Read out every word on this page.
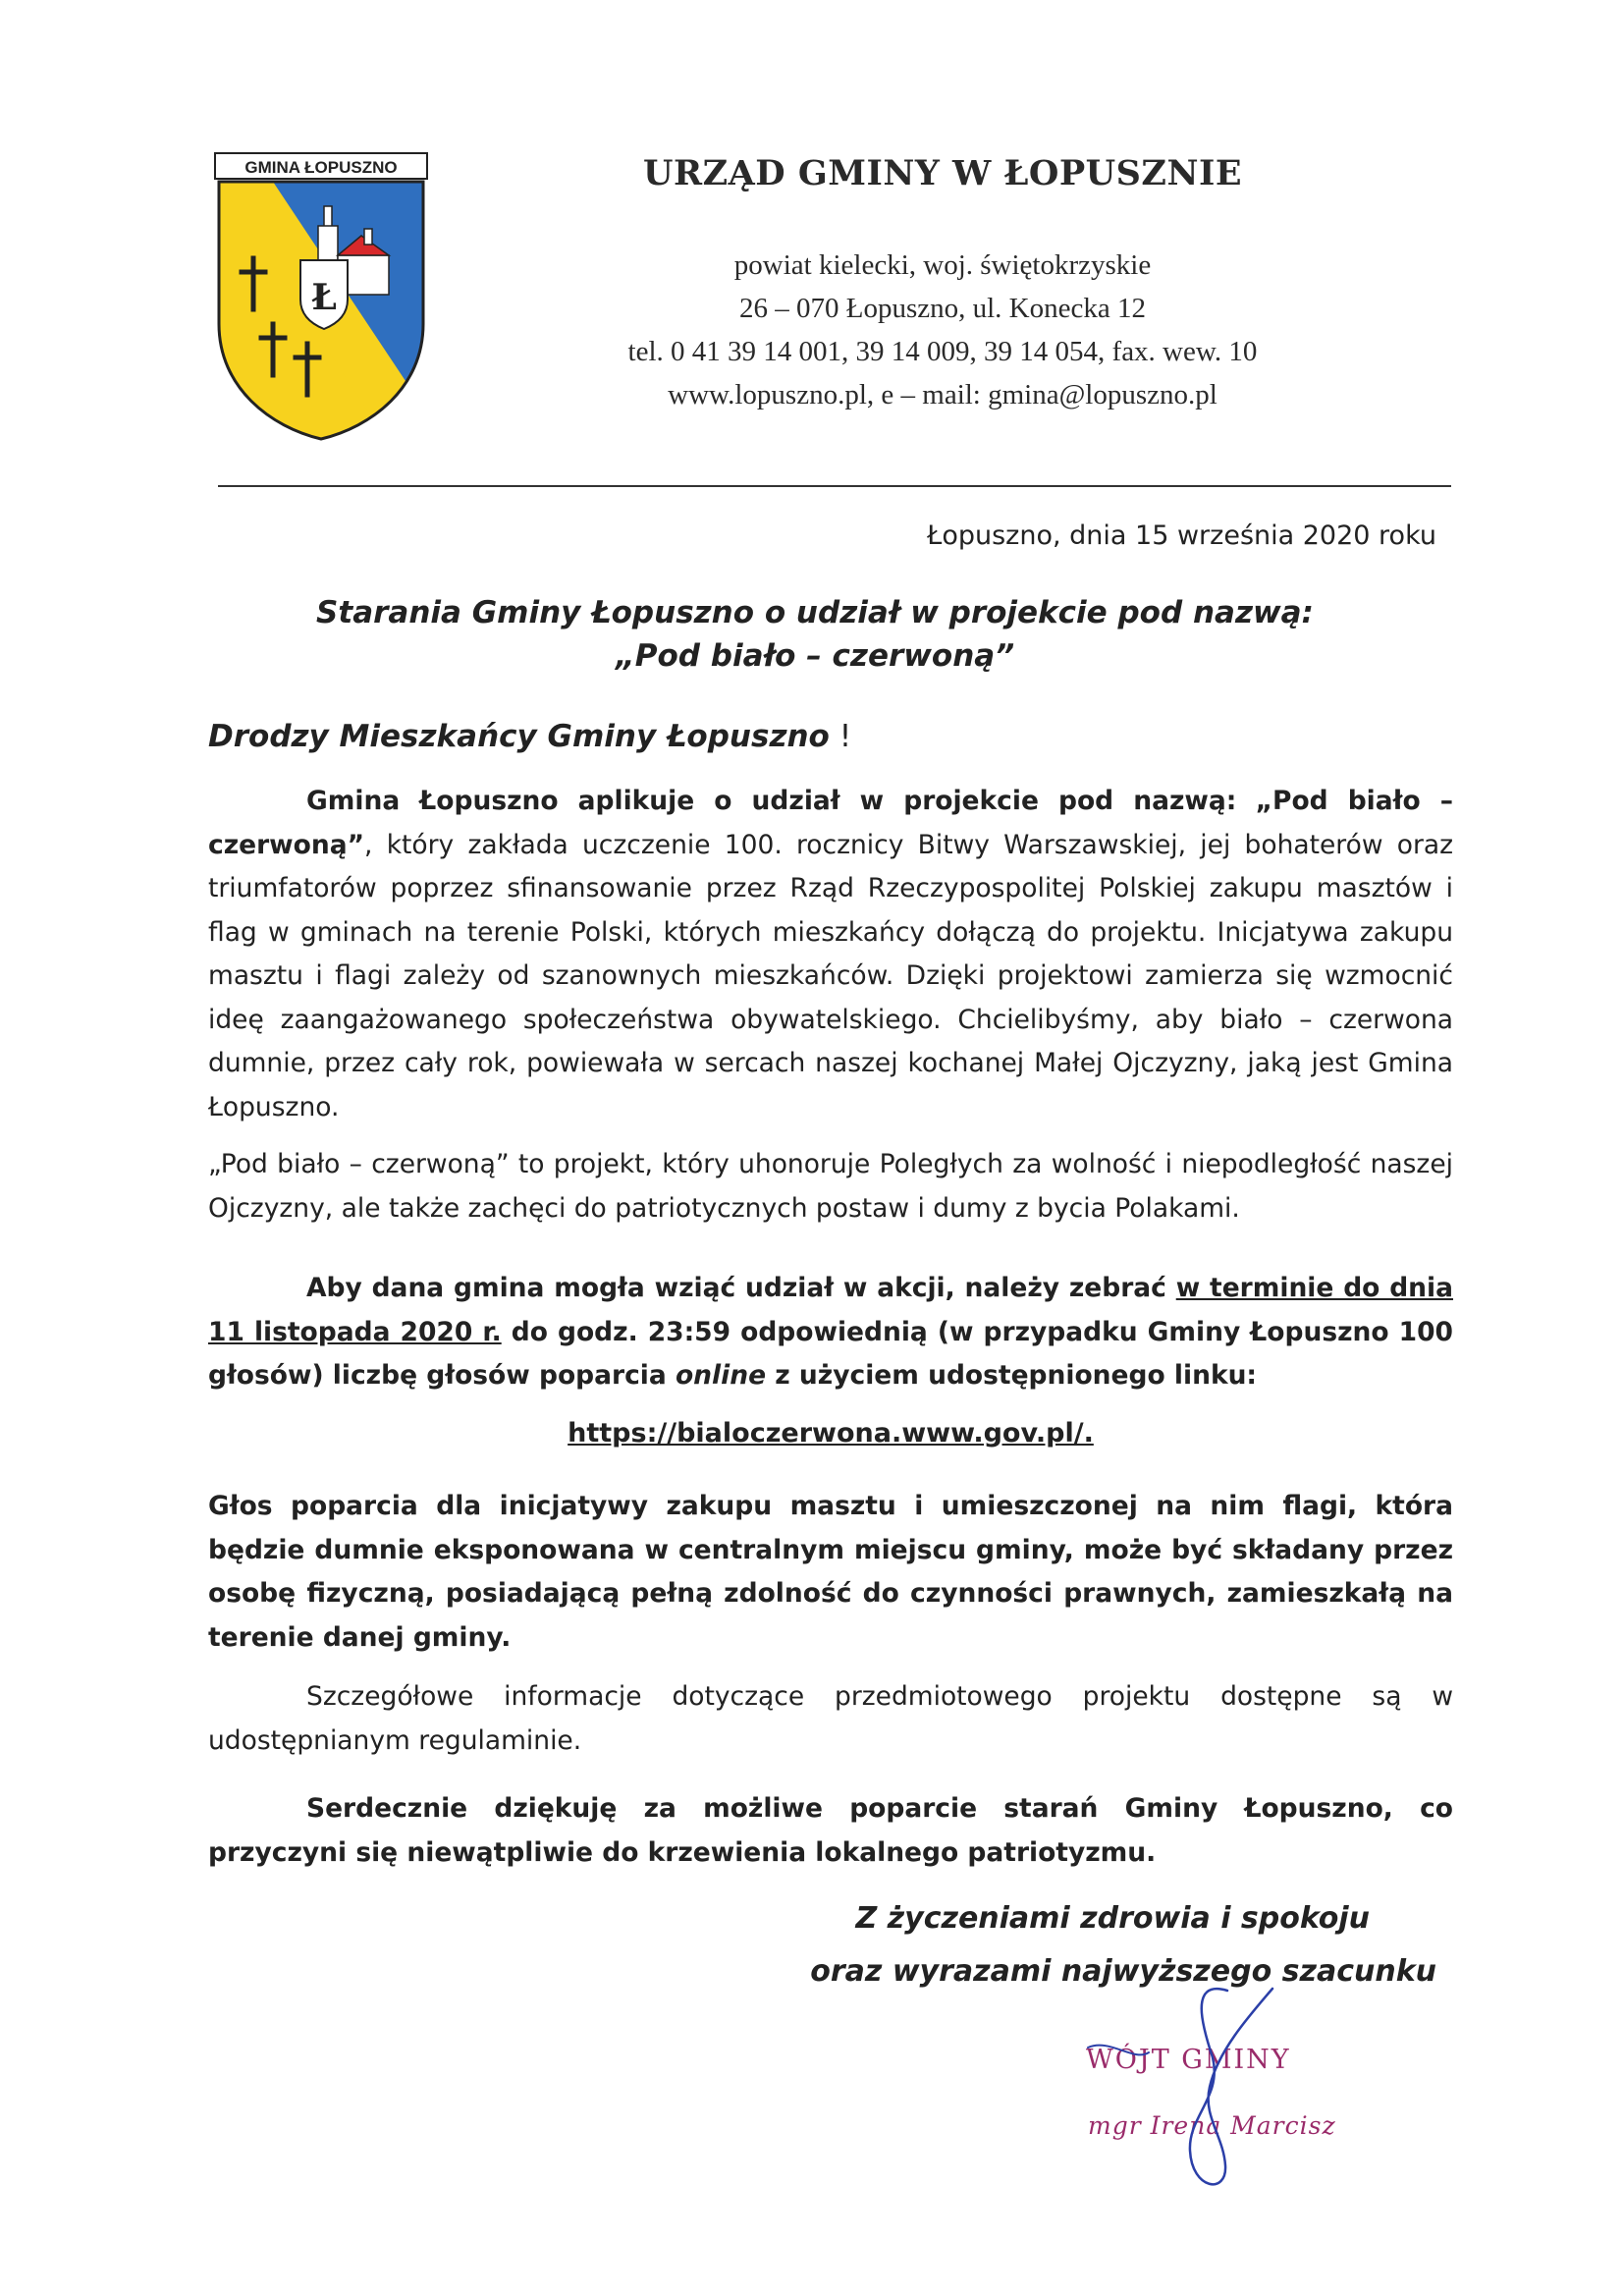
GMINA ŁOPUSZNO
Ł
URZĄD GMINY W ŁOPUSZNIE
powiat kielecki, woj. świętokrzyskie
26 – 070 Łopuszno, ul. Konecka 12
tel. 0 41 39 14 001, 39 14 009, 39 14 054, fax. wew. 10
www.lopuszno.pl, e – mail: gmina@lopuszno.pl
Łopuszno, dnia 15 września 2020 roku
Starania Gminy Łopuszno o udział w projekcie pod nazwą:
„Pod biało – czerwoną”
Drodzy Mieszkańcy Gminy Łopuszno !

Gmina Łopuszno aplikuje o udział w projekcie pod nazwą: „Pod biało – czerwoną”, który zakłada uczczenie 100. rocznicy Bitwy Warszawskiej, jej bohaterów oraz triumfatorów poprzez sfinansowanie przez Rząd Rzeczypospolitej Polskiej zakupu masztów i flag w gminach na terenie Polski, których mieszkańcy dołączą do projektu. Inicjatywa zakupu masztu i flagi zależy od szanownych mieszkańców. Dzięki projektowi zamierza się wzmocnić ideę zaangażowanego społeczeństwa obywatelskiego. Chcielibyśmy, aby biało – czerwona dumnie, przez cały rok, powiewała w sercach naszej kochanej Małej Ojczyzny, jaką jest Gmina Łopuszno.

„Pod biało – czerwoną” to projekt, który uhonoruje Poległych za wolność i niepodległość naszej Ojczyzny, ale także zachęci do patriotycznych postaw i dumy z bycia Polakami.

Aby dana gmina mogła wziąć udział w akcji, należy zebrać w terminie do dnia 11 listopada 2020 r. do godz. 23:59 odpowiednią (w przypadku Gminy Łopuszno 100 głosów) liczbę głosów poparcia online z użyciem udostępnionego linku:

https://bialoczerwona.www.gov.pl/.

Głos poparcia dla inicjatywy zakupu masztu i umieszczonej na nim flagi, która będzie dumnie eksponowana w centralnym miejscu gminy, może być składany przez osobę fizyczną, posiadającą pełną zdolność do czynności prawnych, zamieszkałą na terenie danej gminy.

Szczegółowe informacje dotyczące przedmiotowego projektu dostępne są w udostępnianym regulaminie.

Serdecznie dziękuję za możliwe poparcie starań Gminy Łopuszno, co przyczyni się niewątpliwie do krzewienia lokalnego patriotyzmu.

Z życzeniami zdrowia i spokoju
oraz wyrazami najwyższego szacunku
WÓJT GMINY
mgr Irena Marcisz
